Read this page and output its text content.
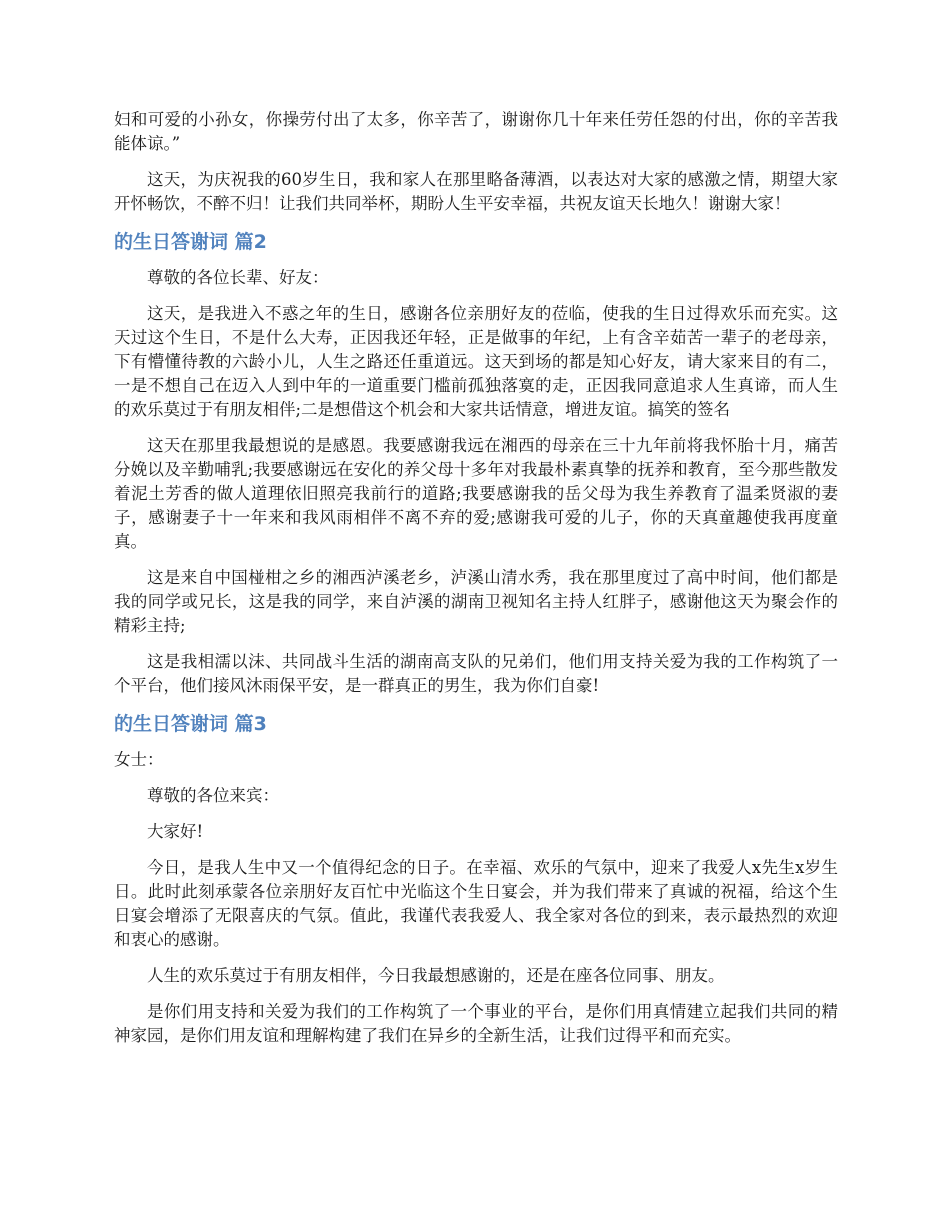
妇和可爱的小孙女，你操劳付出了太多，你辛苦了，谢谢你几十年来任劳任怨的付出，你的辛苦我能体谅。”

这天，为庆祝我的60岁生日，我和家人在那里略备薄酒，以表达对大家的感激之情，期望大家开怀畅饮，不醉不归！让我们共同举杯，期盼人生平安幸福，共祝友谊天长地久！谢谢大家！

的生日答谢词 篇2

尊敬的各位长辈、好友：

这天，是我进入不惑之年的生日，感谢各位亲朋好友的莅临，使我的生日过得欢乐而充实。这天过这个生日，不是什么大寿，正因我还年轻，正是做事的年纪，上有含辛茹苦一辈子的老母亲，下有懵懂待教的六龄小儿，人生之路还任重道远。这天到场的都是知心好友，请大家来目的有二，一是不想自己在迈入人到中年的一道重要门槛前孤独落寞的走，正因我同意追求人生真谛，而人生的欢乐莫过于有朋友相伴;二是想借这个机会和大家共话情意，增进友谊。搞笑的签名

这天在那里我最想说的是感恩。我要感谢我远在湘西的母亲在三十九年前将我怀胎十月，痛苦分娩以及辛勤哺乳;我要感谢远在安化的养父母十多年对我最朴素真挚的抚养和教育，至今那些散发着泥土芳香的做人道理依旧照亮我前行的道路;我要感谢我的岳父母为我生养教育了温柔贤淑的妻子，感谢妻子十一年来和我风雨相伴不离不弃的爱;感谢我可爱的儿子，你的天真童趣使我再度童真。

这是来自中国椪柑之乡的湘西泸溪老乡，泸溪山清水秀，我在那里度过了高中时间，他们都是我的同学或兄长，这是我的同学，来自泸溪的湖南卫视知名主持人红胖子，感谢他这天为聚会作的精彩主持;

这是我相濡以沫、共同战斗生活的湖南高支队的兄弟们，他们用支持关爱为我的工作构筑了一个平台，他们接风沐雨保平安，是一群真正的男生，我为你们自豪!

的生日答谢词 篇3

女士：

尊敬的各位来宾：

大家好!

今日，是我人生中又一个值得纪念的日子。在幸福、欢乐的气氛中，迎来了我爱人x先生x岁生日。此时此刻承蒙各位亲朋好友百忙中光临这个生日宴会，并为我们带来了真诚的祝福，给这个生日宴会增添了无限喜庆的气氛。值此，我谨代表我爱人、我全家对各位的到来，表示最热烈的欢迎和衷心的感谢。

人生的欢乐莫过于有朋友相伴，今日我最想感谢的，还是在座各位同事、朋友。

是你们用支持和关爱为我们的工作构筑了一个事业的平台，是你们用真情建立起我们共同的精神家园，是你们用友谊和理解构建了我们在异乡的全新生活，让我们过得平和而充实。
